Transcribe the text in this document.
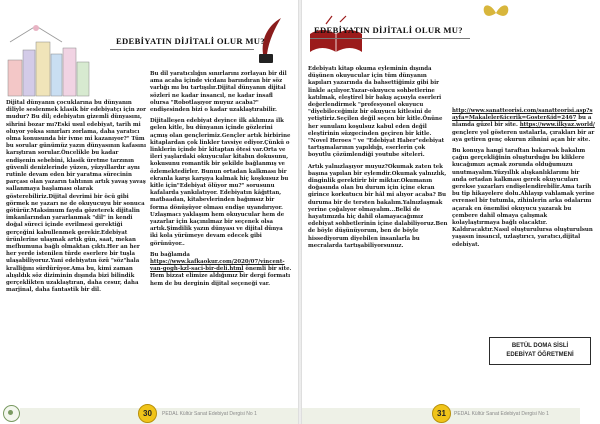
EDEBİYATIN DİJİTALİ OLUR MU?

Dijital dünyanın çocuklarına bu dünyanın diliyle seslenmek klasik bir edebiyatçı için zor mudur? Bu dil; edebiyatın gizemli dünyasını, sihrini bozar mı?Eski usul edebiyat, tarih mi oluyor yoksa sınırları zorlama, daha yaratıcı olma konusunda bir ivme mi kazanıyor?" Tüm bu sorular günümüz yazın dünyasının kafasını karıştıran sorular.Öncelikle bu kadar endişenin sebebini, klasik üretme tarzının güvenli denizlerinde yüzen, yüzyıllardır aynı rutinle devam eden bir yaratma sürecinin parçası olan yazarın tahtının artık yavaş yavaş sallanmaya başlaması olarak gösterebiliriz.Dijital devrimi bir öcü gibi görmek ne yazarı ne de okuyucuyu bir sonuca götürür.Maksimum fayda gözeterek dijitalin imkanlarından yararlanmak "dil" in kendi doğal süreci içinde evrilmesi gerektiği gerçeğini kabullenmek gerekir.Edebiyat ürünlerine ulaşmak artık gün, saat, mekan mefhumuna bağlı olmaktan çıktı.Her an her her yerde istenilen türde eserlere bir tuşla ulaşabiliyoruz.Yani edebiyatın özü "söz"hala kralliğını sürdürüyor.Ama bu, kimi zaman alışıldık söz diziminin dışında bizi bilindik gerçeklikten uzaklaştıran, daha cesur, daha marjinal, daha fantastik bir dil.

Bu dil yaratıcılığın sınırlarını zorlayan bir dil ama acaba içinde vicdanı barındıran bir söz varlığı mı bu tartışılır.Dijital dünyanın dijital sözleri ne kadar insancıl, ne kadar insafl olursa "Robotlaşıyor muyuz acaba?" endişesinden bizi o kadar uzaklaştırabilir.

Dijitalleşen edebiyat deyince ilk aklımıza ilk gelen kitle, bu dünyanın içinde gözlerini açmış olan gençlerimiz.Gençler artık birbirine kitaplardan çok linkler tavsiye ediyor.Çünkü o linklerin içinde bir kitaptan ötesi var.Orta ve ileri yaşlardaki okuyucular kitabın dokusunu, kokusunu romantik bir şekilde bağlanmış ve özlemektedirler. Bunun ortadan kalkması bir ekranla karşı karşıya kalmak hiç koşkusuz bu kitle için"Edebiyat ölüyor mu?" sorusunu kafalarda yankılatıyor. Edebiyatın kâğıttan, matbaadan, kitabevlerinden bağımsız bir forma dönüşüyor olması endişe uyandırıyor. Uzlaşmacı yaklaşım hem okuyucular hem de yazarlar için kaçınılmaz bir seçenek olsa artık.Şimdilik yazın dünyası ve dijital dünya iki kola yürümeye devam edecek gibi görünüyor..

Bu bağlamda https://www.kafkaokur.com/2020/07/vincent-van-gogh-kzl-saci-bir-deli.html önemli bir site. Hem bizzat elimize aldığımız bir dergi formatı hem de bu derginin dijital seçeneği var.

30	PEDAL Kültür Sanat Edebiyat Dergisi No 1
EDEBİYATIN DİJİTALİ OLUR MU?

Edebiyatı kitap okuma eyleminin dışında düşünen okuyucular için tüm dünyanın kapıları yazarında da bahsettiğimiz gibi bir linkle açılıyor.Yazar-okuyucu sohbetlerine katılmak, eleştirel bir bakış açısıyla eserleri değerlendirmek "profesyonel okuyucu "diyebileceğimiz bir okuyucu kitlesini de yetiştiriz.Seçilen değil seçen bir kitle.Önüne her sunulanı koşulsuz kabul eden değil eleştirinin süzgecinden geçiren bir kitle. "Novel Heroes " ve "Edebiyat Haber"edebiyat tartışmalarının yapıldığı, eserlerin çok boyutlu çözümlendiği youtube siteleri.

Artık yalnızlaşıyor muyuz?Okumak zaten tek başına yapılan bir eylemdir.Okumak yalnızlık, dinginlik gerektirir bir miktar.Okumanın doğasında olan bu durum için içine ekran girince korkutucu bir hâl mi alıyor acaba? Bu duruma bir de tersten bakalım.Yalnızlaşmak yerine çoğalıyor olmayalım...Belki de hayatımızda hiç dahil olamayacağımız edebiyat sohbetlerinin içine dalabiliyoruz.Ben de böyle düşünüyorum, ben de böyle hissediyorum diyebilen insanlarla bu mecralarda tartışabiliyorsunuz.

http://www.sanatteorisi.com/sanatteorisi.asp?sayfa=Makaleler&icerik=Goster&id=2467 bu anlamda güzel bir site. https://www.ilkyaz.world/ gençlere yol gösteren ustalarla, çırakları bir araya getiren genç okurun zihnini açan bir site.

Bu konuya hangi taraftan bakarsak bakalım çağın gerçekliğinin oluşturduğu bu kliklere kucağımızı açmak zorunda olduğumuzu unutmayalım.Yüzyıllık alışkanlıklarımı bir anda ortadan kalkması gerek okuyucuları gerekse yazarları endişelendirebilir.Ama tarih bu tip hikayelere dolu.Ahlayıp vahlamak yerine evrensel bir tutumla, zihinlerin arka odalarını açarak en önemlisi okuyucu yazarak bu çembere dahil olmaya çalışmak kolaylaştırmaya bağlı olacaktır. Kaldıracaktır.Nasıl oluşturulursa oluşturulsun yaşasın insancıl, uzlaştırıcı, yaratıcı,dijital edebiyat.

31	PEDAL Kültür Sanat Edebiyat Dergisi No 1
BETÜL DOMA SİSLİ
EDEBİYAT ÖĞRETMENİ
